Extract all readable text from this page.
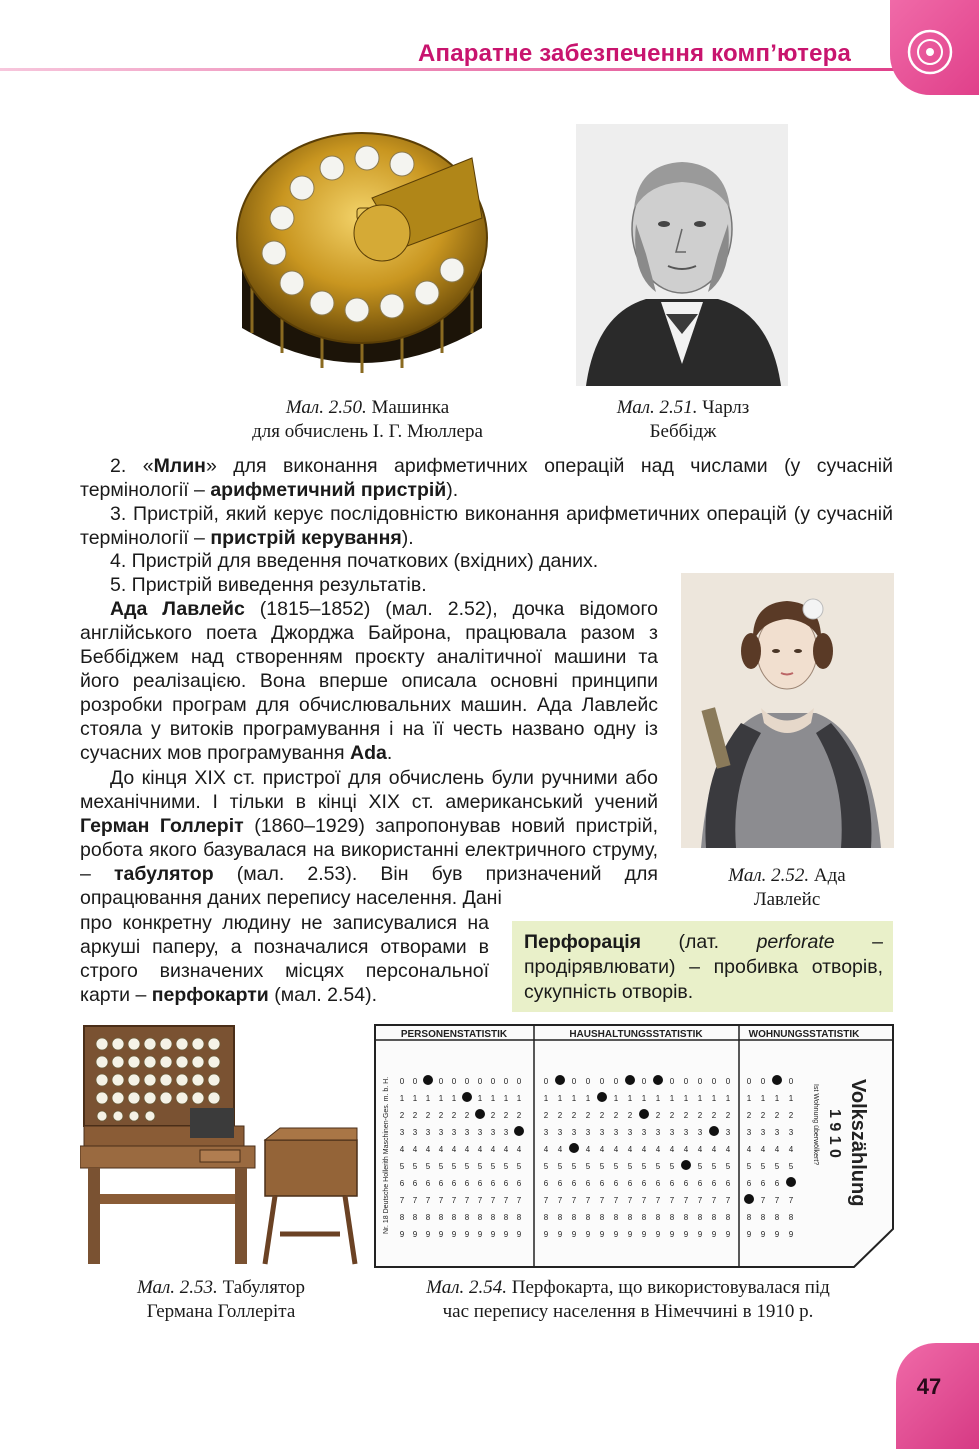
Апаратне забезпечення комп’ютера
Мал. 2.50. Машинка
для обчислень І. Г. Мюллера
Мал. 2.51. Чарлз
Беббідж
2. «Млин» для виконання арифметичних операцій над числами (у сучасній термінології – арифметичний пристрій).
3. Пристрій, який керує послідовністю виконання арифметичних операцій (у сучасній термінології – пристрій керування).
4. Пристрій для введення початкових (вхідних) даних.
5. Пристрій виведення результатів.
Ада Лавлейс (1815–1852) (мал. 2.52), дочка відомого англійського поета Джорджа Байрона, працювала разом з Беббіджем над створенням проєкту аналітичної машини та його реалізацією. Вона вперше описала основні принципи розробки програм для обчислювальних машин. Ада Лавлейс стояла у витоків програмування і на її честь названо одну із сучасних мов програмування Ada.
До кінця XIX ст. пристрої для обчислень були ручними або механічними. І тільки в кінці XIX ст. американський учений Герман Голлеріт (1860–1929) запропонував новий пристрій, робота якого базувалася на використанні електричного струму, – табулятор (мал. 2.53). Він був призначений для опрацювання даних перепису населення. Дані
про конкретну людину не записувалися на аркуші паперу, а позначалися отворами в строго визначених місцях персональної карти – перфокарти (мал. 2.54).
Мал. 2.52. Ада
Лавлейс
Перфорація (лат. perforate – продірявлювати) – пробивка отворів, сукупність отворів.
Мал. 2.53. Табулятор
Германа Голлеріта
PERSONENSTATISTIK	HAUSHALTUNGSSTATISTIK	WOHNUNGSSTATISTIK
Nr. 18 Deutsche Hollerith Maschinen-Ges. m. b. H.	Volkszählung
1 9 1 0
Ist Wohnung überwölkert?
0 0	0 0 0 0 0 0 0	0	0 0 0 0	0	0 0 0 0 0 0 0	0
1 1 1 1 1	1 1 1 1	1 1 1 1	1 1 1 1 1 1 1 1 1 1 1 1 1
2 2 2 2 2 2	2 2 2	2 2 2 2 2 2 2	2 2 2 2 2 2 2 2 2 2
3 3 3 3 3 3 3 3 3	3 3 3 3 3 3 3 3 3 3 3 3	3 3 3 3 3
4 4 4 4 4 4 4 4 4 4	4 4	4 4 4 4 4 4 4 4 4 4 4 4 4 4 4
5 5 5 5 5 5 5 5 5 5	5 5 5 5 5 5 5 5 5 5	5 5 5 5 5 5 5
6 6 6 6 6 6 6 6 6 6	6 6 6 6 6 6 6 6 6 6 6 6 6 6 6 6 6
7 7 7 7 7 7 7 7 7 7	7 7 7 7 7 7 7 7 7 7 7 7 7 7	7 7 7
8 8 8 8 8 8 8 8 8 8	8 8 8 8 8 8 8 8 8 8 8 8 8 8 8 8 8 8
9 9 9 9 9 9 9 9 9 9	9 9 9 9 9 9 9 9 9 9 9 9 9 9 9 9 9 9
Мал. 2.54. Перфокарта, що використовувалася під
час перепису населення в Німеччині в 1910 р.
47
